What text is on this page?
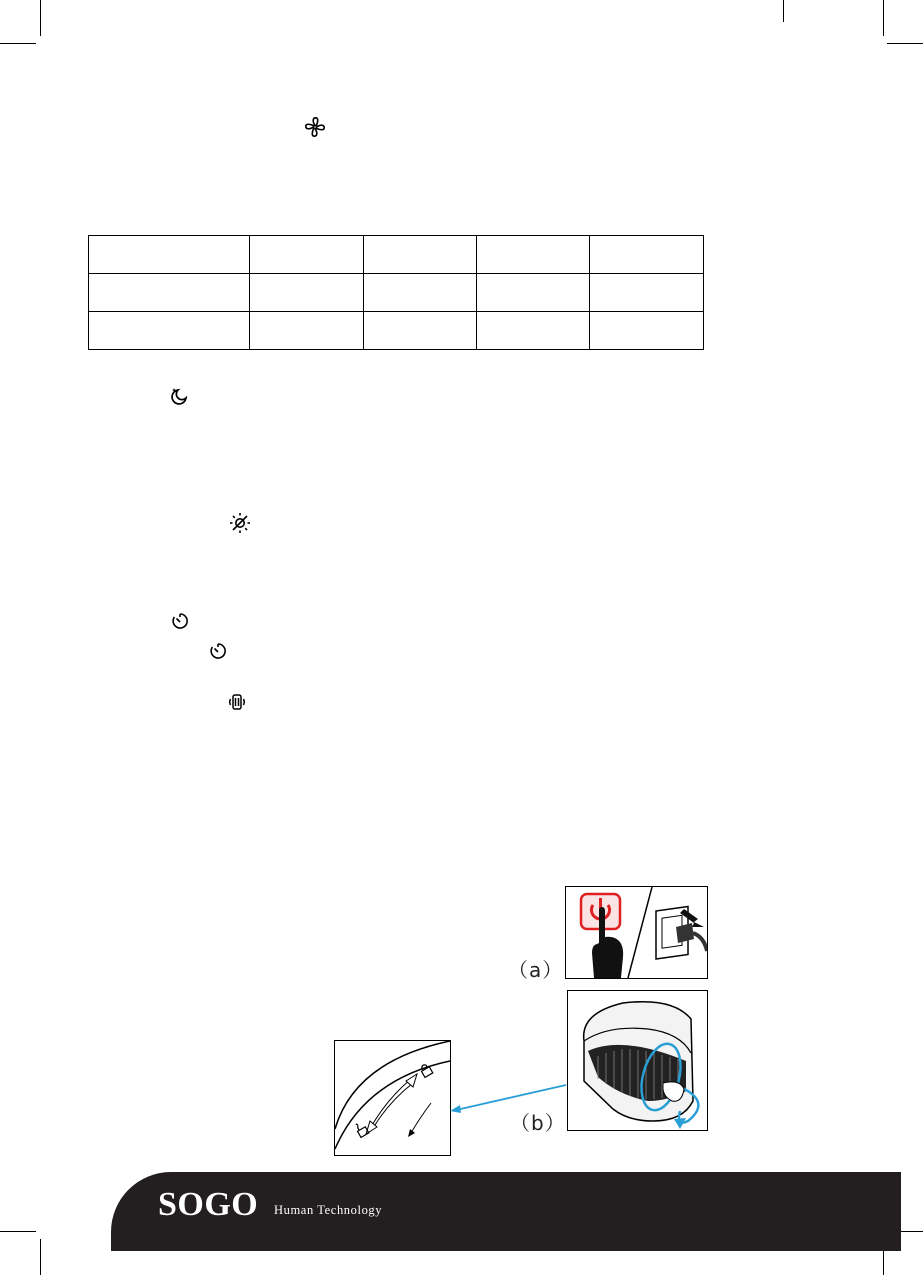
（a）
（b）
SOGO Human Technology
